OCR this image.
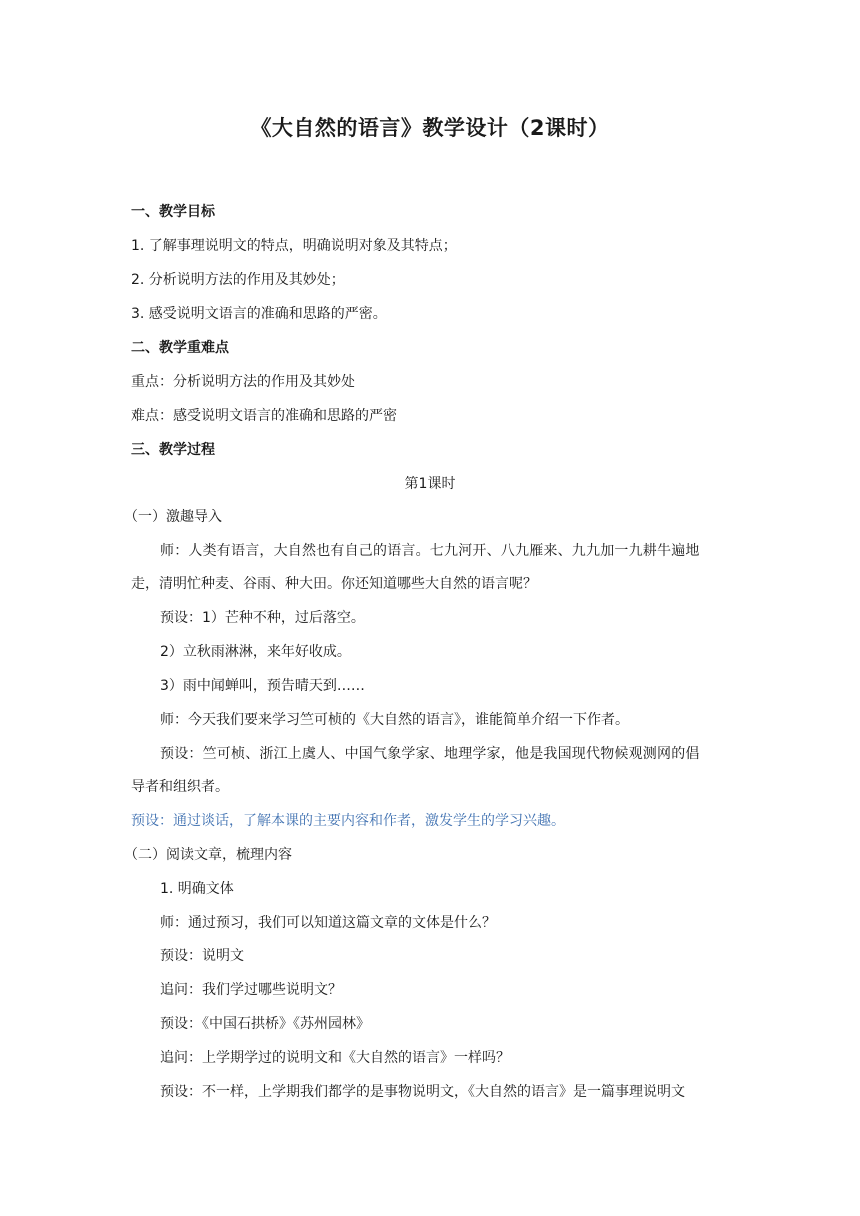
《大自然的语言》教学设计（2课时）
一、教学目标
1. 了解事理说明文的特点，明确说明对象及其特点；
2. 分析说明方法的作用及其妙处；
3. 感受说明文语言的准确和思路的严密。
二、教学重难点
重点：分析说明方法的作用及其妙处
难点：感受说明文语言的准确和思路的严密
三、教学过程
第1课时
（一）激趣导入
师：人类有语言，大自然也有自己的语言。七九河开、八九雁来、九九加一九耕牛遍地
走，清明忙种麦、谷雨、种大田。你还知道哪些大自然的语言呢？
预设：1）芒种不种，过后落空。
2）立秋雨淋淋，来年好收成。
3）雨中闻蝉叫，预告晴天到……
师：今天我们要来学习竺可桢的《大自然的语言》，谁能简单介绍一下作者。
预设：竺可桢、浙江上虞人、中国气象学家、地理学家，他是我国现代物候观测网的倡
导者和组织者。
预设：通过谈话，了解本课的主要内容和作者，激发学生的学习兴趣。
（二）阅读文章，梳理内容
1. 明确文体
师：通过预习，我们可以知道这篇文章的文体是什么？
预设：说明文
追问：我们学过哪些说明文？
预设：《中国石拱桥》《苏州园林》
追问：上学期学过的说明文和《大自然的语言》一样吗？
预设：不一样，上学期我们都学的是事物说明文，《大自然的语言》是一篇事理说明文
